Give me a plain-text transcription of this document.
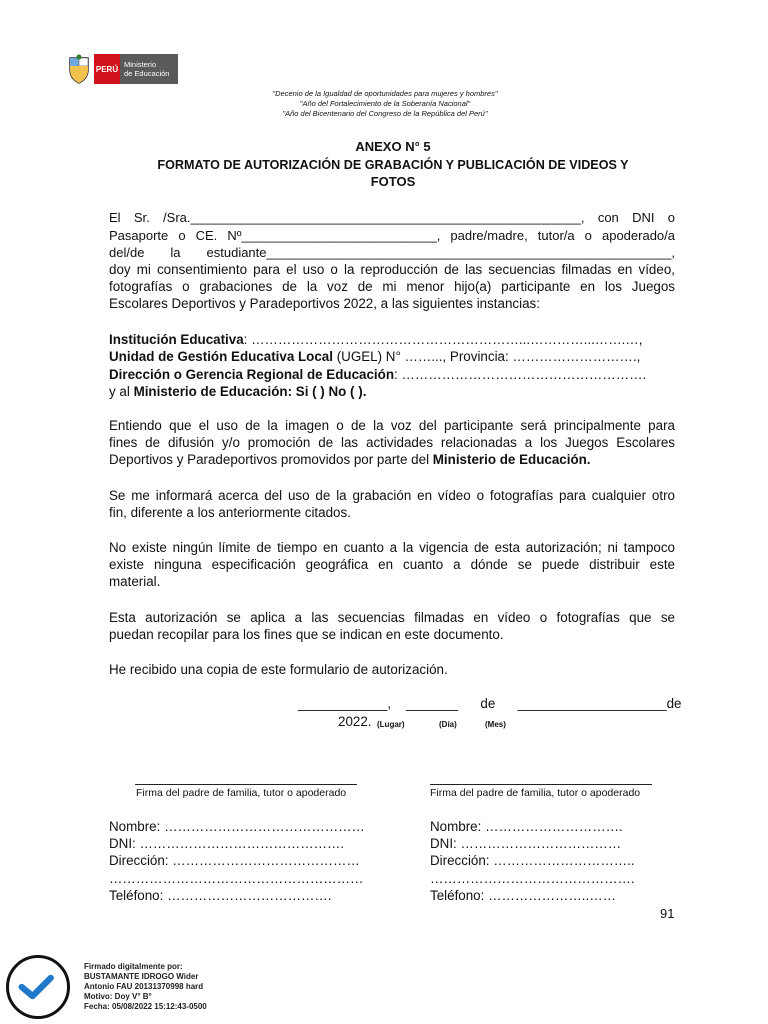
PERÚ Ministerio
de Educación
"Decenio de la Igualdad de oportunidades para mujeres y hombres"
"Año del Fortalecimiento de la Soberanía Nacional"
"Año del Bicentenario del Congreso de la República del Perú"
ANEXO N° 5
FORMATO DE AUTORIZACIÓN DE GRABACIÓN Y PUBLICACIÓN DE VIDEOS Y
FOTOS
El Sr. /Sra.______________________________________________________, con DNI o
Pasaporte o CE. Nº___________________________, padre/madre, tutor/a o apoderado/a
del/de la estudiante________________________________________________________,
doy mi consentimiento para el uso o la reproducción de las secuencias filmadas en vídeo,
fotografías o grabaciones de la voz de mi menor hijo(a) participante en los Juegos
Escolares Deportivos y Paradeportivos 2022, a las siguientes instancias:
Institución Educativa: ……………………………………………………...…………...…….…,
Unidad de Gestión Educativa Local (UGEL) N° ……..., Provincia: ……………………….,
Dirección o Gerencia Regional de Educación: ……………………………………………….
y al Ministerio de Educación: Si ( ) No ( ).
Entiendo que el uso de la imagen o de la voz del participante será principalmente para
fines de difusión y/o promoción de las actividades relacionadas a los Juegos Escolares
Deportivos y Paradeportivos promovidos por parte del Ministerio de Educación.
Se me informará acerca del uso de la grabación en vídeo o fotografías para cualquier otro
fin, diferente a los anteriormente citados.
No existe ningún límite de tiempo en cuanto a la vigencia de esta autorización; ni tampoco
existe ninguna especificación geográfica en cuanto a dónde se puede distribuir este
material.
Esta autorización se aplica a las secuencias filmadas en vídeo o fotografías que se
puedan recopilar para los fines que se indican en este documento.
He recibido una copia de este formulario de autorización.
____________,    _______      de      ____________________de
2022. (Lugar)	(Día)	(Mes)
Firma del padre de familia, tutor o apoderado	Firma del padre de familia, tutor o apoderado
Nombre: ………………………………………
DNI: ……………………………………….
Dirección: ……………………………………
…………………………………………………
Teléfono: ……………………………….
Nombre: ………………………….
DNI: ………………………………
Dirección: …………………………..
……………………………………….
Teléfono: …………………..……
91
Firmado digitalmente por:
BUSTAMANTE IDROGO Wider
Antonio FAU 20131370998 hard
Motivo: Doy V° B°
Fecha: 05/08/2022 15:12:43-0500
